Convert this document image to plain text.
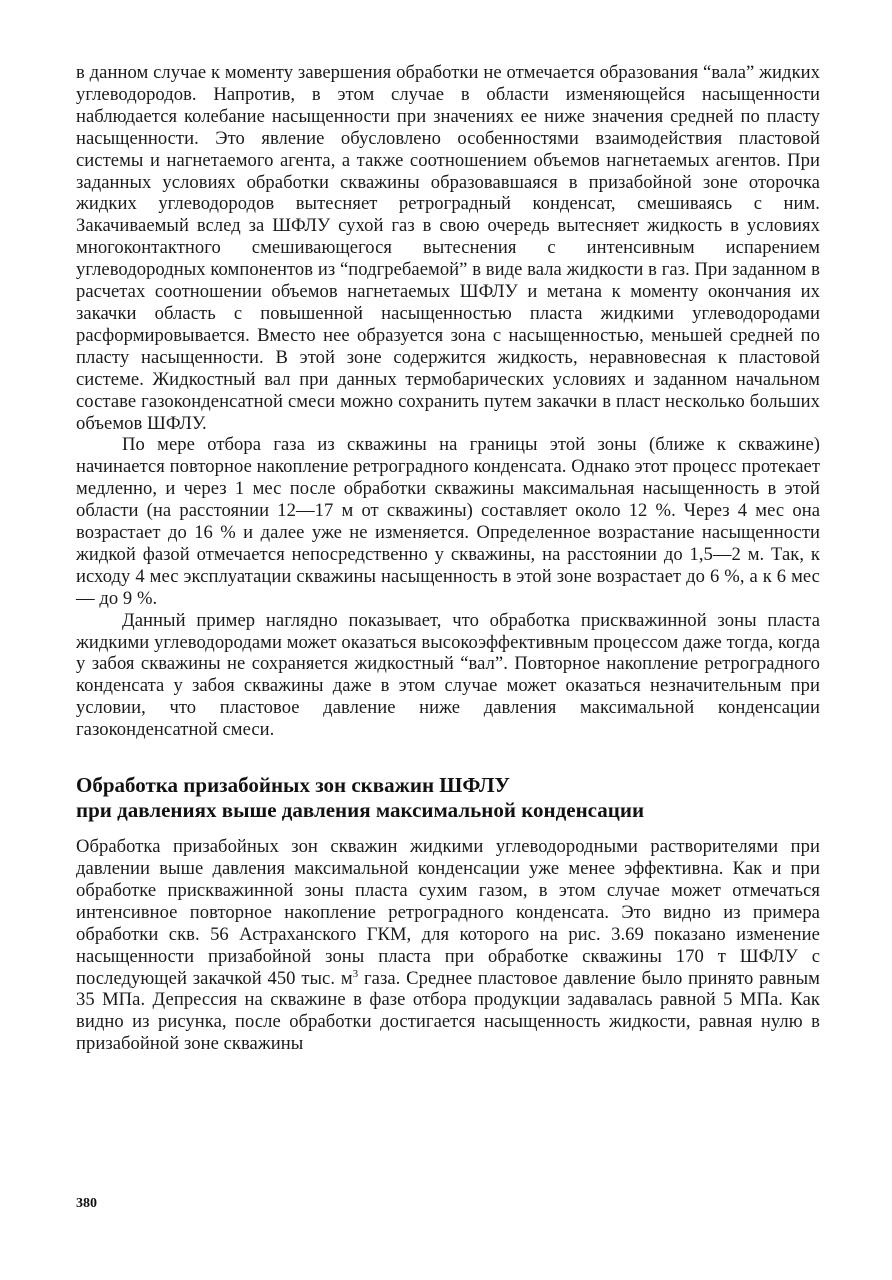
в данном случае к моменту завершения обработки не отмечается образования “вала” жидких углеводородов. Напротив, в этом случае в области изменяющейся насыщенности наблюдается колебание насыщенности при значениях ее ниже значения средней по пласту насыщенности. Это явление обусловлено особенностями взаимодействия пластовой системы и нагнетаемого агента, а также соотношением объемов нагнетаемых агентов. При заданных условиях обработки скважины образовавшаяся в призабойной зоне оторочка жидких углеводородов вытесняет ретроградный конденсат, смешиваясь с ним. Закачиваемый вслед за ШФЛУ сухой газ в свою очередь вытесняет жидкость в условиях многоконтактного смешивающегося вытеснения с интенсивным испарением углеводородных компонентов из “подгребаемой” в виде вала жидкости в газ. При заданном в расчетах соотношении объемов нагнетаемых ШФЛУ и метана к моменту окончания их закачки область с повышенной насыщенностью пласта жидкими углеводородами расформировывается. Вместо нее образуется зона с насыщенностью, меньшей средней по пласту насыщенности. В этой зоне содержится жидкость, неравновесная к пластовой системе. Жидкостный вал при данных термобарических условиях и заданном начальном составе газоконденсатной смеси можно сохранить путем закачки в пласт несколько больших объемов ШФЛУ.

По мере отбора газа из скважины на границы этой зоны (ближе к скважине) начинается повторное накопление ретроградного конденсата. Однако этот процесс протекает медленно, и через 1 мес после обработки скважины максимальная насыщенность в этой области (на расстоянии 12—17 м от скважины) составляет около 12 %. Через 4 мес она возрастает до 16 % и далее уже не изменяется. Определенное возрастание насыщенности жидкой фазой отмечается непосредственно у скважины, на расстоянии до 1,5—2 м. Так, к исходу 4 мес эксплуатации скважины насыщенность в этой зоне возрастает до 6 %, а к 6 мес — до 9 %.

Данный пример наглядно показывает, что обработка прискважинной зоны пласта жидкими углеводородами может оказаться высокоэффективным процессом даже тогда, когда у забоя скважины не сохраняется жидкостный “вал”. Повторное накопление ретроградного конденсата у забоя скважины даже в этом случае может оказаться незначительным при условии, что пластовое давление ниже давления максимальной конденсации газоконденсатной смеси.

Обработка призабойных зон скважин ШФЛУ
при давлениях выше давления максимальной конденсации

Обработка призабойных зон скважин жидкими углеводородными растворителями при давлении выше давления максимальной конденсации уже менее эффективна. Как и при обработке прискважинной зоны пласта сухим газом, в этом случае может отмечаться интенсивное повторное накопление ретроградного конденсата. Это видно из примера обработки скв. 56 Астраханского ГКМ, для которого на рис. 3.69 показано изменение насыщенности призабойной зоны пласта при обработке скважины 170 т ШФЛУ с последующей закачкой 450 тыс. $м^3$ газа. Среднее пластовое давление было принято равным 35 МПа. Депрессия на скважине в фазе отбора продукции задавалась равной 5 МПа. Как видно из рисунка, после обработки достигается насыщенность жидкости, равная нулю в призабойной зоне скважины

380
